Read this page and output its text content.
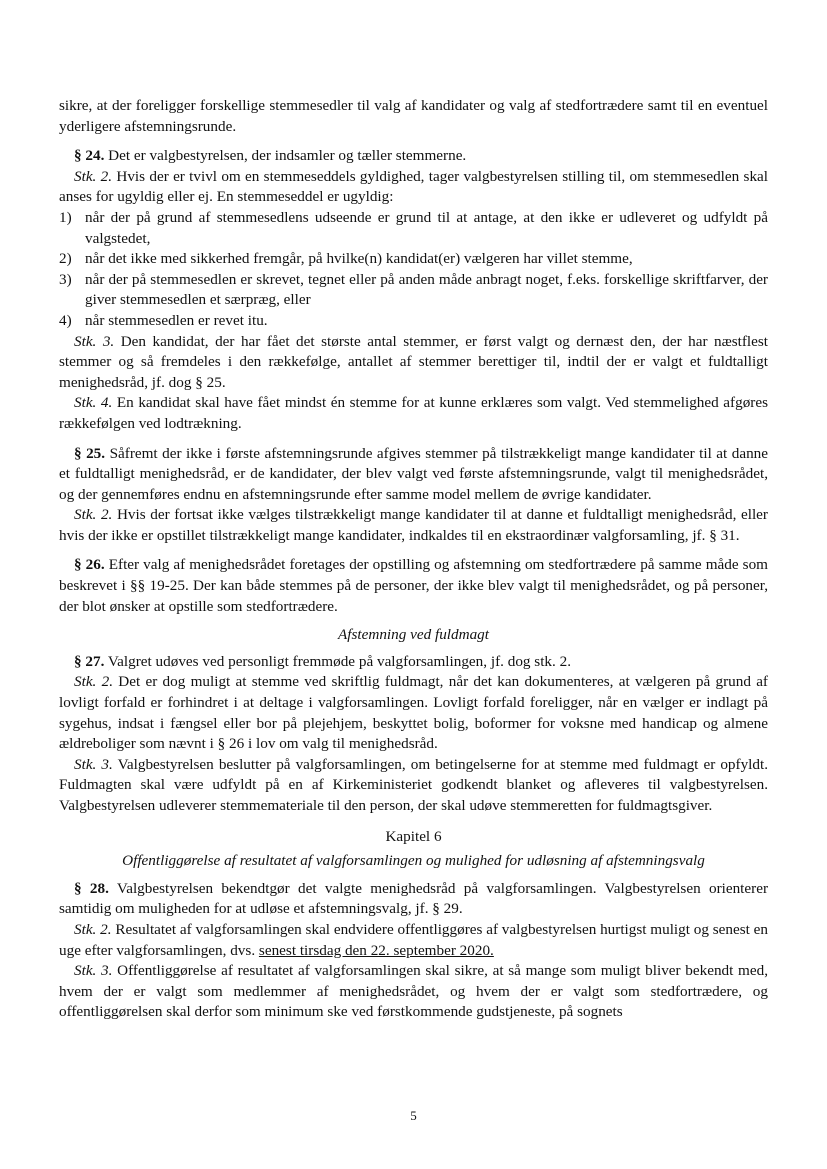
sikre, at der foreligger forskellige stemmesedler til valg af kandidater og valg af stedfortrædere samt til en eventuel yderligere afstemningsrunde.

§ 24. Det er valgbestyrelsen, der indsamler og tæller stemmerne.

Stk. 2. Hvis der er tvivl om en stemmeseddels gyldighed, tager valgbestyrelsen stilling til, om stemmesedlen skal anses for ugyldig eller ej. En stemmeseddel er ugyldig:

1) når der på grund af stemmesedlens udseende er grund til at antage, at den ikke er udleveret og udfyldt på valgstedet,
2) når det ikke med sikkerhed fremgår, på hvilke(n) kandidat(er) vælgeren har villet stemme,
3) når der på stemmesedlen er skrevet, tegnet eller på anden måde anbragt noget, f.eks. forskellige skriftfarver, der giver stemmesedlen et særpræg, eller
4) når stemmesedlen er revet itu.

Stk. 3. Den kandidat, der har fået det største antal stemmer, er først valgt og dernæst den, der har næstflest stemmer og så fremdeles i den rækkefølge, antallet af stemmer berettiger til, indtil der er valgt et fuldtalligt menighedsråd, jf. dog § 25.

Stk. 4. En kandidat skal have fået mindst én stemme for at kunne erklæres som valgt. Ved stemmelighed afgøres rækkefølgen ved lodtrækning.

§ 25. Såfremt der ikke i første afstemningsrunde afgives stemmer på tilstrækkeligt mange kandidater til at danne et fuldtalligt menighedsråd, er de kandidater, der blev valgt ved første afstemningsrunde, valgt til menighedsrådet, og der gennemføres endnu en afstemningsrunde efter samme model mellem de øvrige kandidater.

Stk. 2. Hvis der fortsat ikke vælges tilstrækkeligt mange kandidater til at danne et fuldtalligt menighedsråd, eller hvis der ikke er opstillet tilstrækkeligt mange kandidater, indkaldes til en ekstraordinær valgforsamling, jf. § 31.

§ 26. Efter valg af menighedsrådet foretages der opstilling og afstemning om stedfortrædere på samme måde som beskrevet i §§ 19-25. Der kan både stemmes på de personer, der ikke blev valgt til menighedsrådet, og på personer, der blot ønsker at opstille som stedfortrædere.

Afstemning ved fuldmagt

§ 27. Valgret udøves ved personligt fremmøde på valgforsamlingen, jf. dog stk. 2.

Stk. 2. Det er dog muligt at stemme ved skriftlig fuldmagt, når det kan dokumenteres, at vælgeren på grund af lovligt forfald er forhindret i at deltage i valgforsamlingen. Lovligt forfald foreligger, når en vælger er indlagt på sygehus, indsat i fængsel eller bor på plejehjem, beskyttet bolig, boformer for voksne med handicap og almene ældreboliger som nævnt i § 26 i lov om valg til menighedsråd.

Stk. 3. Valgbestyrelsen beslutter på valgforsamlingen, om betingelserne for at stemme med fuldmagt er opfyldt. Fuldmagten skal være udfyldt på en af Kirkeministeriet godkendt blanket og afleveres til valgbestyrelsen. Valgbestyrelsen udleverer stemmemateriale til den person, der skal udøve stemmeretten for fuldmagtsgiver.

Kapitel 6

Offentliggørelse af resultatet af valgforsamlingen og mulighed for udløsning af afstemningsvalg

§ 28. Valgbestyrelsen bekendtgør det valgte menighedsråd på valgforsamlingen. Valgbestyrelsen orienterer samtidig om muligheden for at udløse et afstemningsvalg, jf. § 29.

Stk. 2. Resultatet af valgforsamlingen skal endvidere offentliggøres af valgbestyrelsen hurtigst muligt og senest en uge efter valgforsamlingen, dvs. senest tirsdag den 22. september 2020.

Stk. 3. Offentliggørelse af resultatet af valgforsamlingen skal sikre, at så mange som muligt bliver bekendt med, hvem der er valgt som medlemmer af menighedsrådet, og hvem der er valgt som stedfortrædere, og offentliggørelsen skal derfor som minimum ske ved førstkommende gudstjeneste, på sognets

5
